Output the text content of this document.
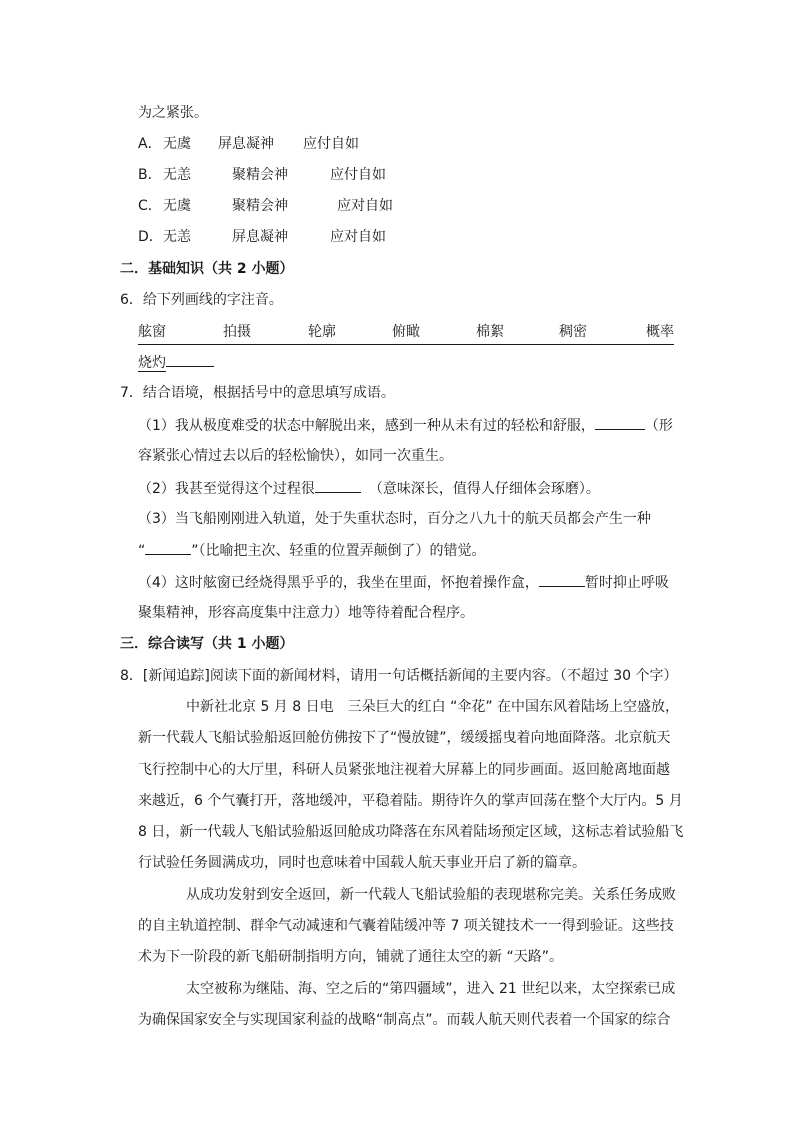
为之紧张。
A． 无虞 屏息凝神 应付自如
B． 无恙	聚精会神	应付自如
C． 无虞	聚精会神	应对自如
D． 无恙	屏息凝神	应对自如
二．基础知识（共 2 小题）
6．给下列画线的字注音。
舷窗	拍摄	轮廓	俯瞰	棉絮	稠密	概率
烧灼
7．结合语境，根据括号中的意思填写成语。
（1）我从极度难受的状态中解脱出来，感到一种从未有过的轻松和舒服，	（形
容紧张心情过去以后的轻松愉快），如同一次重生。
（2）我甚至觉得这个过程很	（意味深长，值得人仔细体会琢磨）。
（3）当飞船刚刚进入轨道，处于失重状态时，百分之八九十的航天员都会产生一种
“	”（比喻把主次、轻重的位置弄颠倒了）的错觉。
（4）这时舷窗已经烧得黑乎乎的，我坐在里面，怀抱着操作盒，	暂时抑止呼吸
聚集精神，形容高度集中注意力）地等待着配合程序。
三．综合读写（共 1 小题）
8．[新闻追踪]阅读下面的新闻材料，请用一句话概括新闻的主要内容。（不超过 30 个字）
中新社北京 5 月 8 日电　三朵巨大的红白 “伞花” 在中国东风着陆场上空盛放，
新一代载人飞船试验船返回舱仿佛按下了“慢放键”，缓缓摇曳着向地面降落。北京航天
飞行控制中心的大厅里，科研人员紧张地注视着大屏幕上的同步画面。返回舱离地面越
来越近，6 个气囊打开，落地缓冲，平稳着陆。期待许久的掌声回荡在整个大厅内。5 月
8 日，新一代载人飞船试验船返回舱成功降落在东风着陆场预定区域，这标志着试验船飞
行试验任务圆满成功，同时也意味着中国载人航天事业开启了新的篇章。
从成功发射到安全返回，新一代载人飞船试验船的表现堪称完美。关系任务成败
的自主轨道控制、群伞气动减速和气囊着陆缓冲等 7 项关键技术一一得到验证。这些技
术为下一阶段的新飞船研制指明方向，铺就了通往太空的新 “天路”。
太空被称为继陆、海、空之后的“第四疆域”，进入 21 世纪以来，太空探索已成
为确保国家安全与实现国家利益的战略“制高点”。而载人航天则代表着一个国家的综合
